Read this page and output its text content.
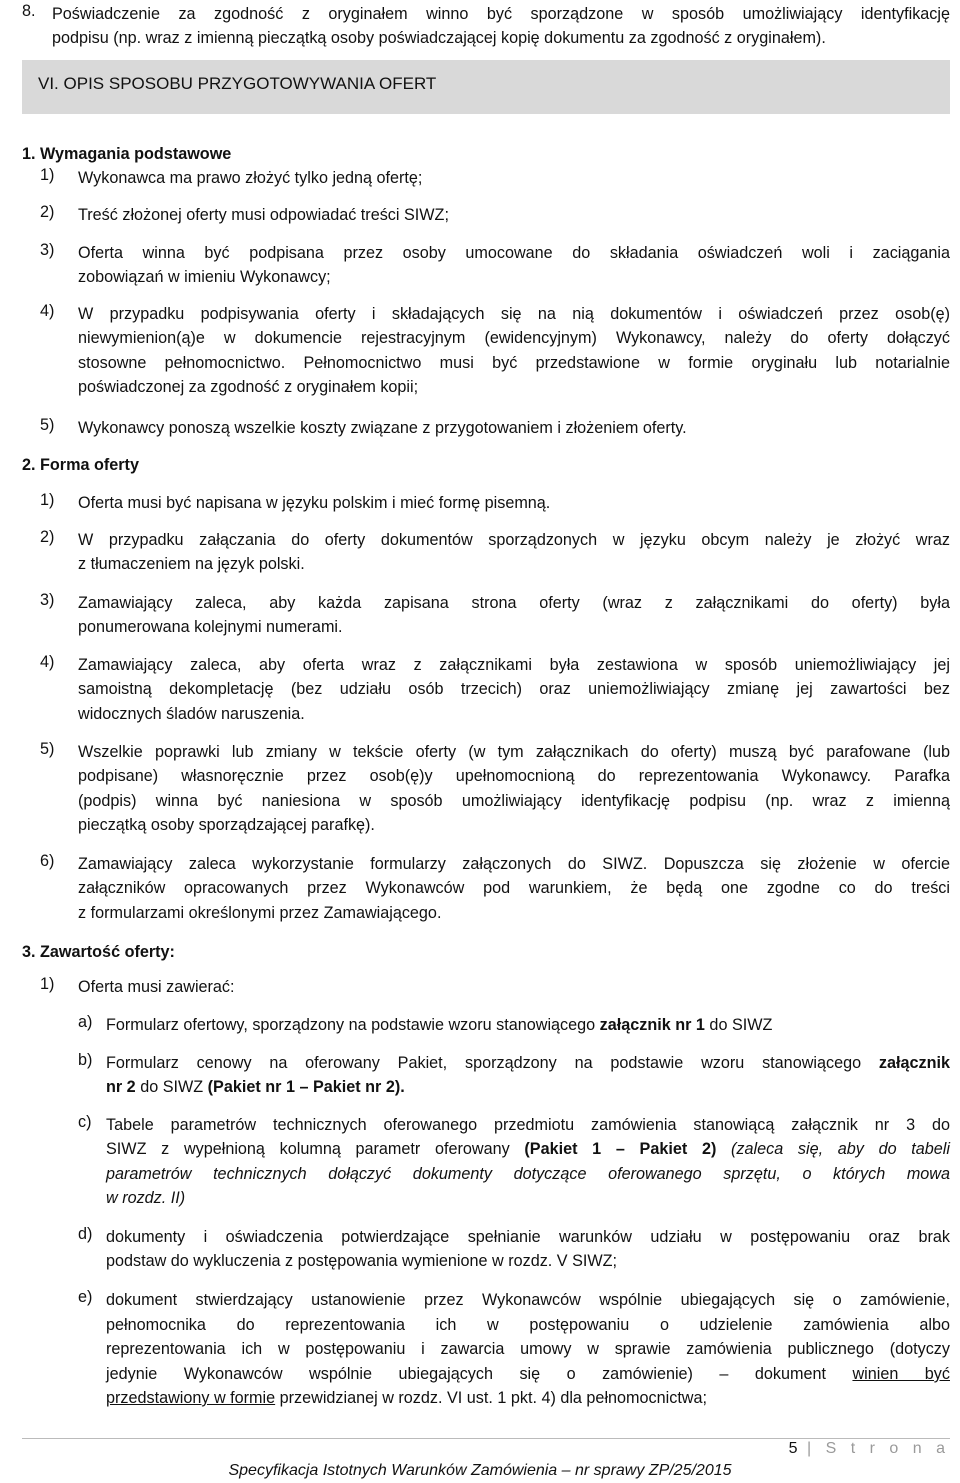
8. Poświadczenie za zgodność z oryginałem winno być sporządzone w sposób umożliwiający identyfikację
podpisu (np. wraz z imienną pieczątką osoby poświadczającej kopię dokumentu za zgodność z oryginałem).
VI. OPIS SPOSOBU PRZYGOTOWYWANIA OFERT
1. Wymagania podstawowe
1) Wykonawca ma prawo złożyć tylko jedną ofertę;
2) Treść złożonej oferty musi odpowiadać treści SIWZ;
3) Oferta winna być podpisana przez osoby umocowane do składania oświadczeń woli i zaciągania
zobowiązań w imieniu Wykonawcy;
4) W przypadku podpisywania oferty i składających się na nią dokumentów i oświadczeń przez osob(ę)
niewymienion(ą)e w dokumencie rejestracyjnym (ewidencyjnym) Wykonawcy, należy do oferty dołączyć
stosowne pełnomocnictwo. Pełnomocnictwo musi być przedstawione w formie oryginału lub notarialnie
poświadczonej za zgodność z oryginałem kopii;
5) Wykonawcy ponoszą wszelkie koszty związane z przygotowaniem i złożeniem oferty.
2. Forma oferty
1) Oferta musi być napisana w języku polskim i mieć formę pisemną.
2) W przypadku załączania do oferty dokumentów sporządzonych w języku obcym należy je złożyć wraz
z tłumaczeniem na język polski.
3) Zamawiający zaleca, aby każda zapisana strona oferty (wraz z załącznikami do oferty) była
ponumerowana kolejnymi numerami.
4) Zamawiający zaleca, aby oferta wraz z załącznikami była zestawiona w sposób uniemożliwiający jej
samoistną dekompletację (bez udziału osób trzecich) oraz uniemożliwiający zmianę jej zawartości bez
widocznych śladów naruszenia.
5) Wszelkie poprawki lub zmiany w tekście oferty (w tym załącznikach do oferty) muszą być parafowane (lub
podpisane) własnoręcznie przez osob(ę)y upełnomocnioną do reprezentowania Wykonawcy. Parafka
(podpis) winna być naniesiona w sposób umożliwiający identyfikację podpisu (np. wraz z imienną
pieczątką osoby sporządzającej parafkę).
6) Zamawiający zaleca wykorzystanie formularzy załączonych do SIWZ. Dopuszcza się złożenie w ofercie
załączników opracowanych przez Wykonawców pod warunkiem, że będą one zgodne co do treści
z formularzami określonymi przez Zamawiającego.
3. Zawartość oferty:
1) Oferta musi zawierać:
a) Formularz ofertowy, sporządzony na podstawie wzoru stanowiącego załącznik nr 1 do SIWZ
b) Formularz cenowy na oferowany Pakiet, sporządzony na podstawie wzoru stanowiącego załącznik
nr 2 do SIWZ (Pakiet nr 1 – Pakiet nr 2).
c) Tabele parametrów technicznych oferowanego przedmiotu zamówienia stanowiącą załącznik nr 3 do
SIWZ z wypełnioną kolumną parametr oferowany (Pakiet 1 – Pakiet 2) (zaleca się, aby do tabeli
parametrów technicznych dołączyć dokumenty dotyczące oferowanego sprzętu, o których mowa
w rozdz. II)
d) dokumenty i oświadczenia potwierdzające spełnianie warunków udziału w postępowaniu oraz brak
podstaw do wykluczenia z postępowania wymienione w rozdz. V SIWZ;
e) dokument stwierdzający ustanowienie przez Wykonawców wspólnie ubiegających się o zamówienie,
pełnomocnika do reprezentowania ich w postępowaniu o udzielenie zamówienia albo
reprezentowania ich w postępowaniu i zawarcia umowy w sprawie zamówienia publicznego (dotyczy
jedynie Wykonawców wspólnie ubiegających się o zamówienie) – dokument winien być
przedstawiony w formie przewidzianej w rozdz. VI ust. 1 pkt. 4) dla pełnomocnictwa;
5 | S t r o n a
Specyfikacja Istotnych Warunków Zamówienia – nr sprawy ZP/25/2015
